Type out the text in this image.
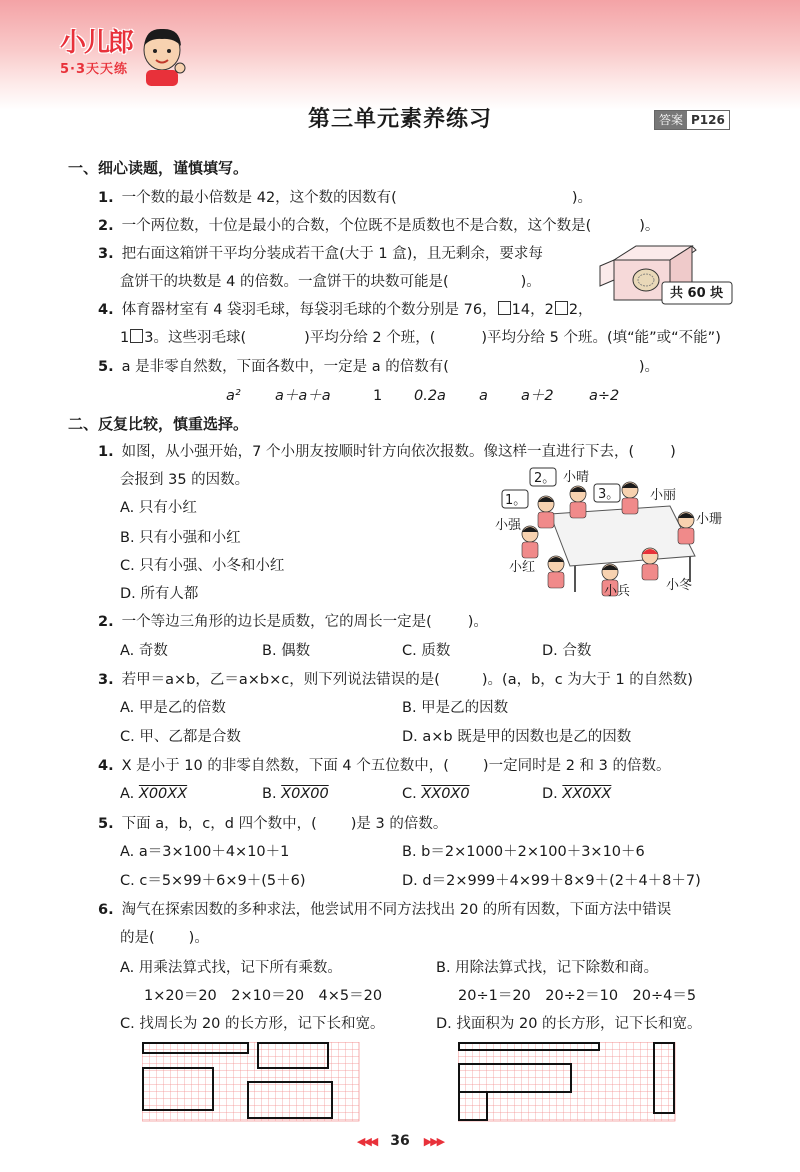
小儿郎
5·3天天练
第三单元素养练习	答案 P126
一、细心读题，谨慎填写。
1. 一个数的最小倍数是 42，这个数的因数有(	)。
2. 一个两位数，十位是最小的合数，个位既不是质数也不是合数，这个数是(	)。
3. 把右面这箱饼干平均分装成若干盒(大于 1 盒)，且无剩余，要求每
盒饼干的块数是 4 的倍数。一盒饼干的块数可能是(	)。
共 60 块
4. 体育器材室有 4 袋羽毛球，每袋羽毛球的个数分别是 76， 14，2 2，
1 3。这些羽毛球(	)平均分给 2 个班，(	)平均分给 5 个班。(填“能”或“不能”)
5. a 是非零自然数，下面各数中，一定是 a 的倍数有(	)。
a² a＋a＋a	1 0.2a a a＋2 a÷2
二、反复比较，慎重选择。
1. 如图，从小强开始，7 个小朋友按顺时针方向依次报数。像这样一直进行下去，( )
会报到 35 的因数。
A. 只有小红
B. 只有小强和小红
C. 只有小强、小冬和小红
D. 所有人都
1。
2。
3。
小晴
小丽
小强	小珊
小红
小冬
小兵
2. 一个等边三角形的边长是质数，它的周长一定是( )。
A. 奇数	B. 偶数	C. 质数	D. 合数
3. 若甲＝a×b，乙＝a×b×c，则下列说法错误的是(	)。(a，b，c 为大于 1 的自然数)
A. 甲是乙的倍数	B. 甲是乙的因数
C. 甲、乙都是合数	D. a×b 既是甲的因数也是乙的因数
4. X 是小于 10 的非零自然数，下面 4 个五位数中，( )一定同时是 2 和 3 的倍数。
A. X00XX	B. X0X00	C. XX0X0	D. XX0XX
5. 下面 a，b，c，d 四个数中，( )是 3 的倍数。
A. a＝3×100＋4×10＋1	B. b＝2×1000＋2×100＋3×10＋6
C. c＝5×99＋6×9＋(5＋6)	D. d＝2×999＋4×99＋8×9＋(2＋4＋8＋7)
6. 淘气在探索因数的多种求法，他尝试用不同方法找出 20 的所有因数，下面方法中错误
的是( )。
A. 用乘法算式找，记下所有乘数。	B. 用除法算式找，记下除数和商。
1×20＝20　2×10＝20　4×5＝20	20÷1＝20　20÷2＝10　20÷4＝5
C. 找周长为 20 的长方形，记下长和宽。	D. 找面积为 20 的长方形，记下长和宽。
◀◀◀ 36 ▶▶▶
